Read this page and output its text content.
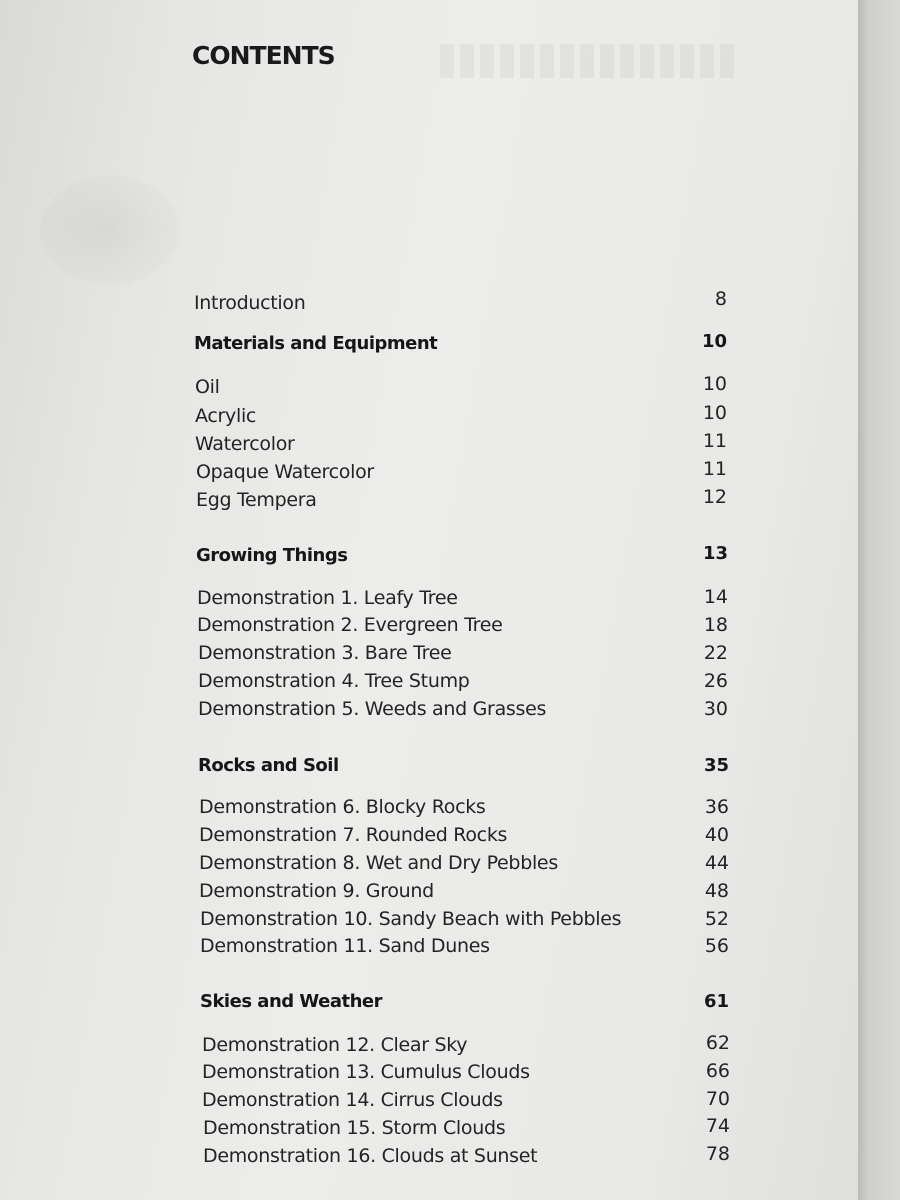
CONTENTS
Introduction	8
Materials and Equipment	10
Oil	10
Acrylic	10
Watercolor	11
Opaque Watercolor	11
Egg Tempera	12
Growing Things	13
Demonstration 1. Leafy Tree	14
Demonstration 2. Evergreen Tree	18
Demonstration 3. Bare Tree	22
Demonstration 4. Tree Stump	26
Demonstration 5. Weeds and Grasses	30
Rocks and Soil	35
Demonstration 6. Blocky Rocks	36
Demonstration 7. Rounded Rocks	40
Demonstration 8. Wet and Dry Pebbles	44
Demonstration 9. Ground	48
Demonstration 10. Sandy Beach with Pebbles	52
Demonstration 11. Sand Dunes	56
Skies and Weather	61
Demonstration 12. Clear Sky	62
Demonstration 13. Cumulus Clouds	66
Demonstration 14. Cirrus Clouds	70
Demonstration 15. Storm Clouds	74
Demonstration 16. Clouds at Sunset	78
